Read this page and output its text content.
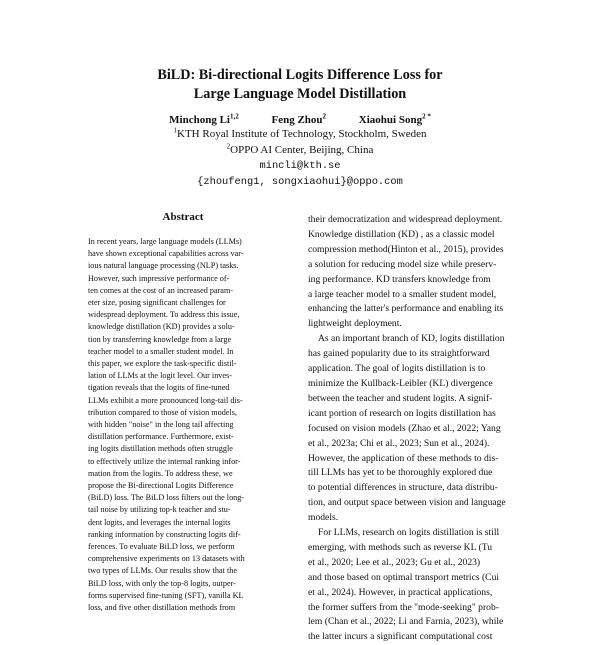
BiLD: Bi-directional Logits Difference Loss for
Large Language Model Distillation
Minchong Li$^{1,2}$	Feng Zhou$^2$	Xiaohui Song$^{2 *}$
$^1$KTH Royal Institute of Technology, Stockholm, Sweden
$^2$OPPO AI Center, Beijing, China
mincli@kth.se
{zhoufeng1, songxiaohui}@oppo.com
Abstract
In recent years, large language models (LLMs)
have shown exceptional capabilities across var-
ious natural language processing (NLP) tasks.
However, such impressive performance of-
ten comes at the cost of an increased param-
eter size, posing significant challenges for
widespread deployment. To address this issue,
knowledge distillation (KD) provides a solu-
tion by transferring knowledge from a large
teacher model to a smaller student model. In
this paper, we explore the task-specific distil-
lation of LLMs at the logit level. Our inves-
tigation reveals that the logits of fine-tuned
LLMs exhibit a more pronounced long-tail dis-
tribution compared to those of vision models,
with hidden "noise" in the long tail affecting
distillation performance. Furthermore, exist-
ing logits distillation methods often struggle
to effectively utilize the internal ranking infor-
mation from the logits. To address these, we
propose the Bi-directional Logits Difference
(BiLD) loss. The BiLD loss filters out the long-
tail noise by utilizing top-k teacher and stu-
dent logits, and leverages the internal logits
ranking information by constructing logits dif-
ferences. To evaluate BiLD loss, we perform
comprehensive experiments on 13 datasets with
two types of LLMs. Our results show that the
BiLD loss, with only the top-8 logits, outper-
forms supervised fine-tuning (SFT), vanilla KL
loss, and five other distillation methods from
their democratization and widespread deployment.
Knowledge distillation (KD) , as a classic model
compression method(Hinton et al., 2015), provides
a solution for reducing model size while preserv-
ing performance. KD transfers knowledge from
a large teacher model to a smaller student model,
enhancing the latter's performance and enabling its
lightweight deployment.
As an important branch of KD, logits distillation
has gained popularity due to its straightforward
application. The goal of logits distillation is to
minimize the Kullback-Leibler (KL) divergence
between the teacher and student logits. A signif-
icant portion of research on logits distillation has
focused on vision models (Zhao et al., 2022; Yang
et al., 2023a; Chi et al., 2023; Sun et al., 2024).
However, the application of these methods to dis-
till LLMs has yet to be thoroughly explored due
to potential differences in structure, data distribu-
tion, and output space between vision and language
models.
For LLMs, research on logits distillation is still
emerging, with methods such as reverse KL (Tu
et al., 2020; Lee et al., 2023; Gu et al., 2023)
and those based on optimal transport metrics (Cui
et al., 2024). However, in practical applications,
the former suffers from the "mode-seeking" prob-
lem (Chan et al., 2022; Li and Farnia, 2023), while
the latter incurs a significant computational cost
